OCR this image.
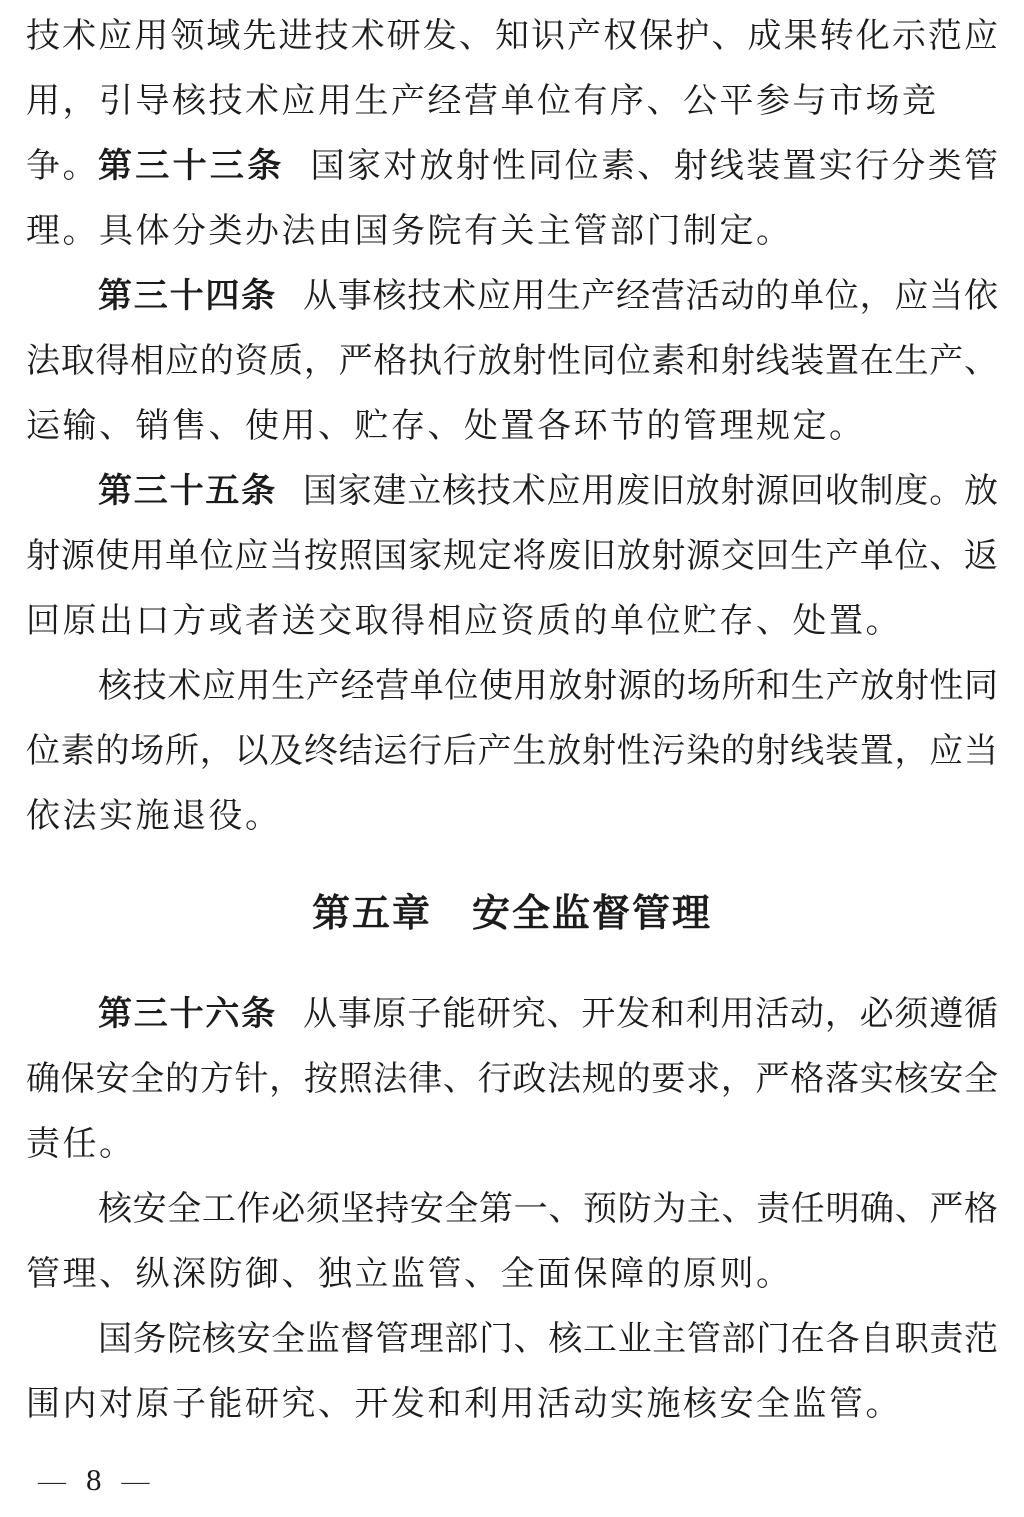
技术应用领域先进技术研发、知识产权保护、成果转化示范应
用，引导核技术应用生产经营单位有序、公平参与市场竞争。 第三十三条 国家对放射性同位素、射线装置实行分类管
理。具体分类办法由国务院有关主管部门制定。
第三十四条 从事核技术应用生产经营活动的单位，应当依
法取得相应的资质，严格执行放射性同位素和射线装置在生产、
运输、销售、使用、贮存、处置各环节的管理规定。
第三十五条 国家建立核技术应用废旧放射源回收制度。放
射源使用单位应当按照国家规定将废旧放射源交回生产单位、返
回原出口方或者送交取得相应资质的单位贮存、处置。
核技术应用生产经营单位使用放射源的场所和生产放射性同
位素的场所，以及终结运行后产生放射性污染的射线装置，应当
依法实施退役。
第五章　安全监督管理
第三十六条 从事原子能研究、开发和利用活动，必须遵循
确保安全的方针，按照法律、行政法规的要求，严格落实核安全
责任。
核安全工作必须坚持安全第一、预防为主、责任明确、严格
管理、纵深防御、独立监管、全面保障的原则。
国务院核安全监督管理部门、核工业主管部门在各自职责范
围内对原子能研究、开发和利用活动实施核安全监管。
— 8 —
